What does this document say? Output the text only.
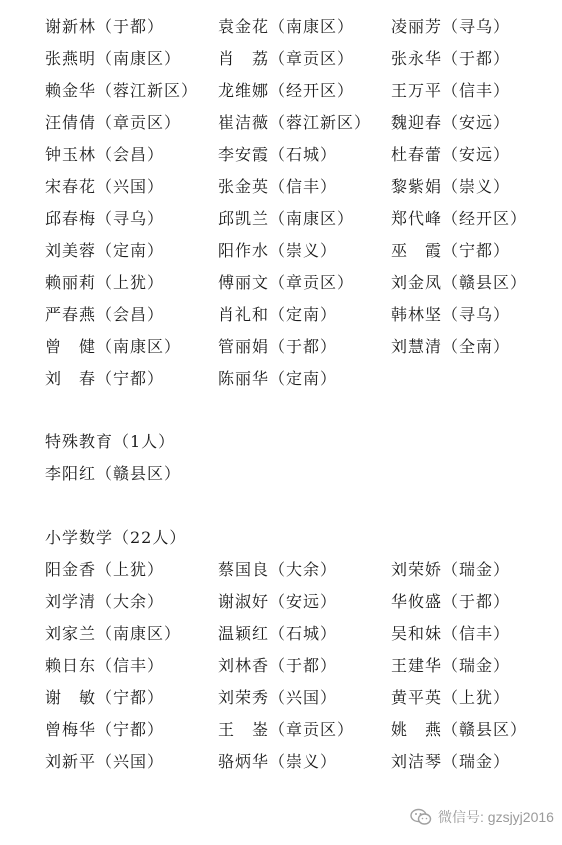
谢新林（于都）	袁金花（南康区） 凌丽芳（寻乌）
张燕明（南康区） 肖　荔（章贡区） 张永华（于都）
赖金华（蓉江新区） 龙维娜（经开区） 王万平（信丰）
汪倩倩（章贡区） 崔洁薇（蓉江新区） 魏迎春（安远）
钟玉林（会昌）	李安霞（石城）	杜春蕾（安远）
宋春花（兴国）	张金英（信丰）	黎紫娟（崇义）
邱春梅（寻乌）	邱凯兰（南康区） 郑代峰（经开区）
刘美蓉（定南）	阳作水（崇义）	巫　霞（宁都）
赖丽莉（上犹）	傅丽文（章贡区） 刘金凤（赣县区）
严春燕（会昌）	肖礼和（定南）	韩林坚（寻乌）
曾　健（南康区） 管丽娟（于都）	刘慧清（全南）
刘　春（宁都）	陈丽华（定南）
特殊教育（1人）
李阳红（赣县区）
小学数学（22人）
阳金香（上犹）	蔡国良（大余）	刘荣娇（瑞金）
刘学清（大余）	谢淑好（安远）	华攸盛（于都）
刘家兰（南康区） 温颖红（石城）	吴和妹（信丰）
赖日东（信丰）	刘林香（于都）	王建华（瑞金）
谢　敏（宁都）	刘荣秀（兴国）	黄平英（上犹）
曾梅华（宁都）	王　崟（章贡区） 姚　燕（赣县区）
刘新平（兴国）	骆炳华（崇义）	刘洁琴（瑞金）
微信号: gzsjyj2016
